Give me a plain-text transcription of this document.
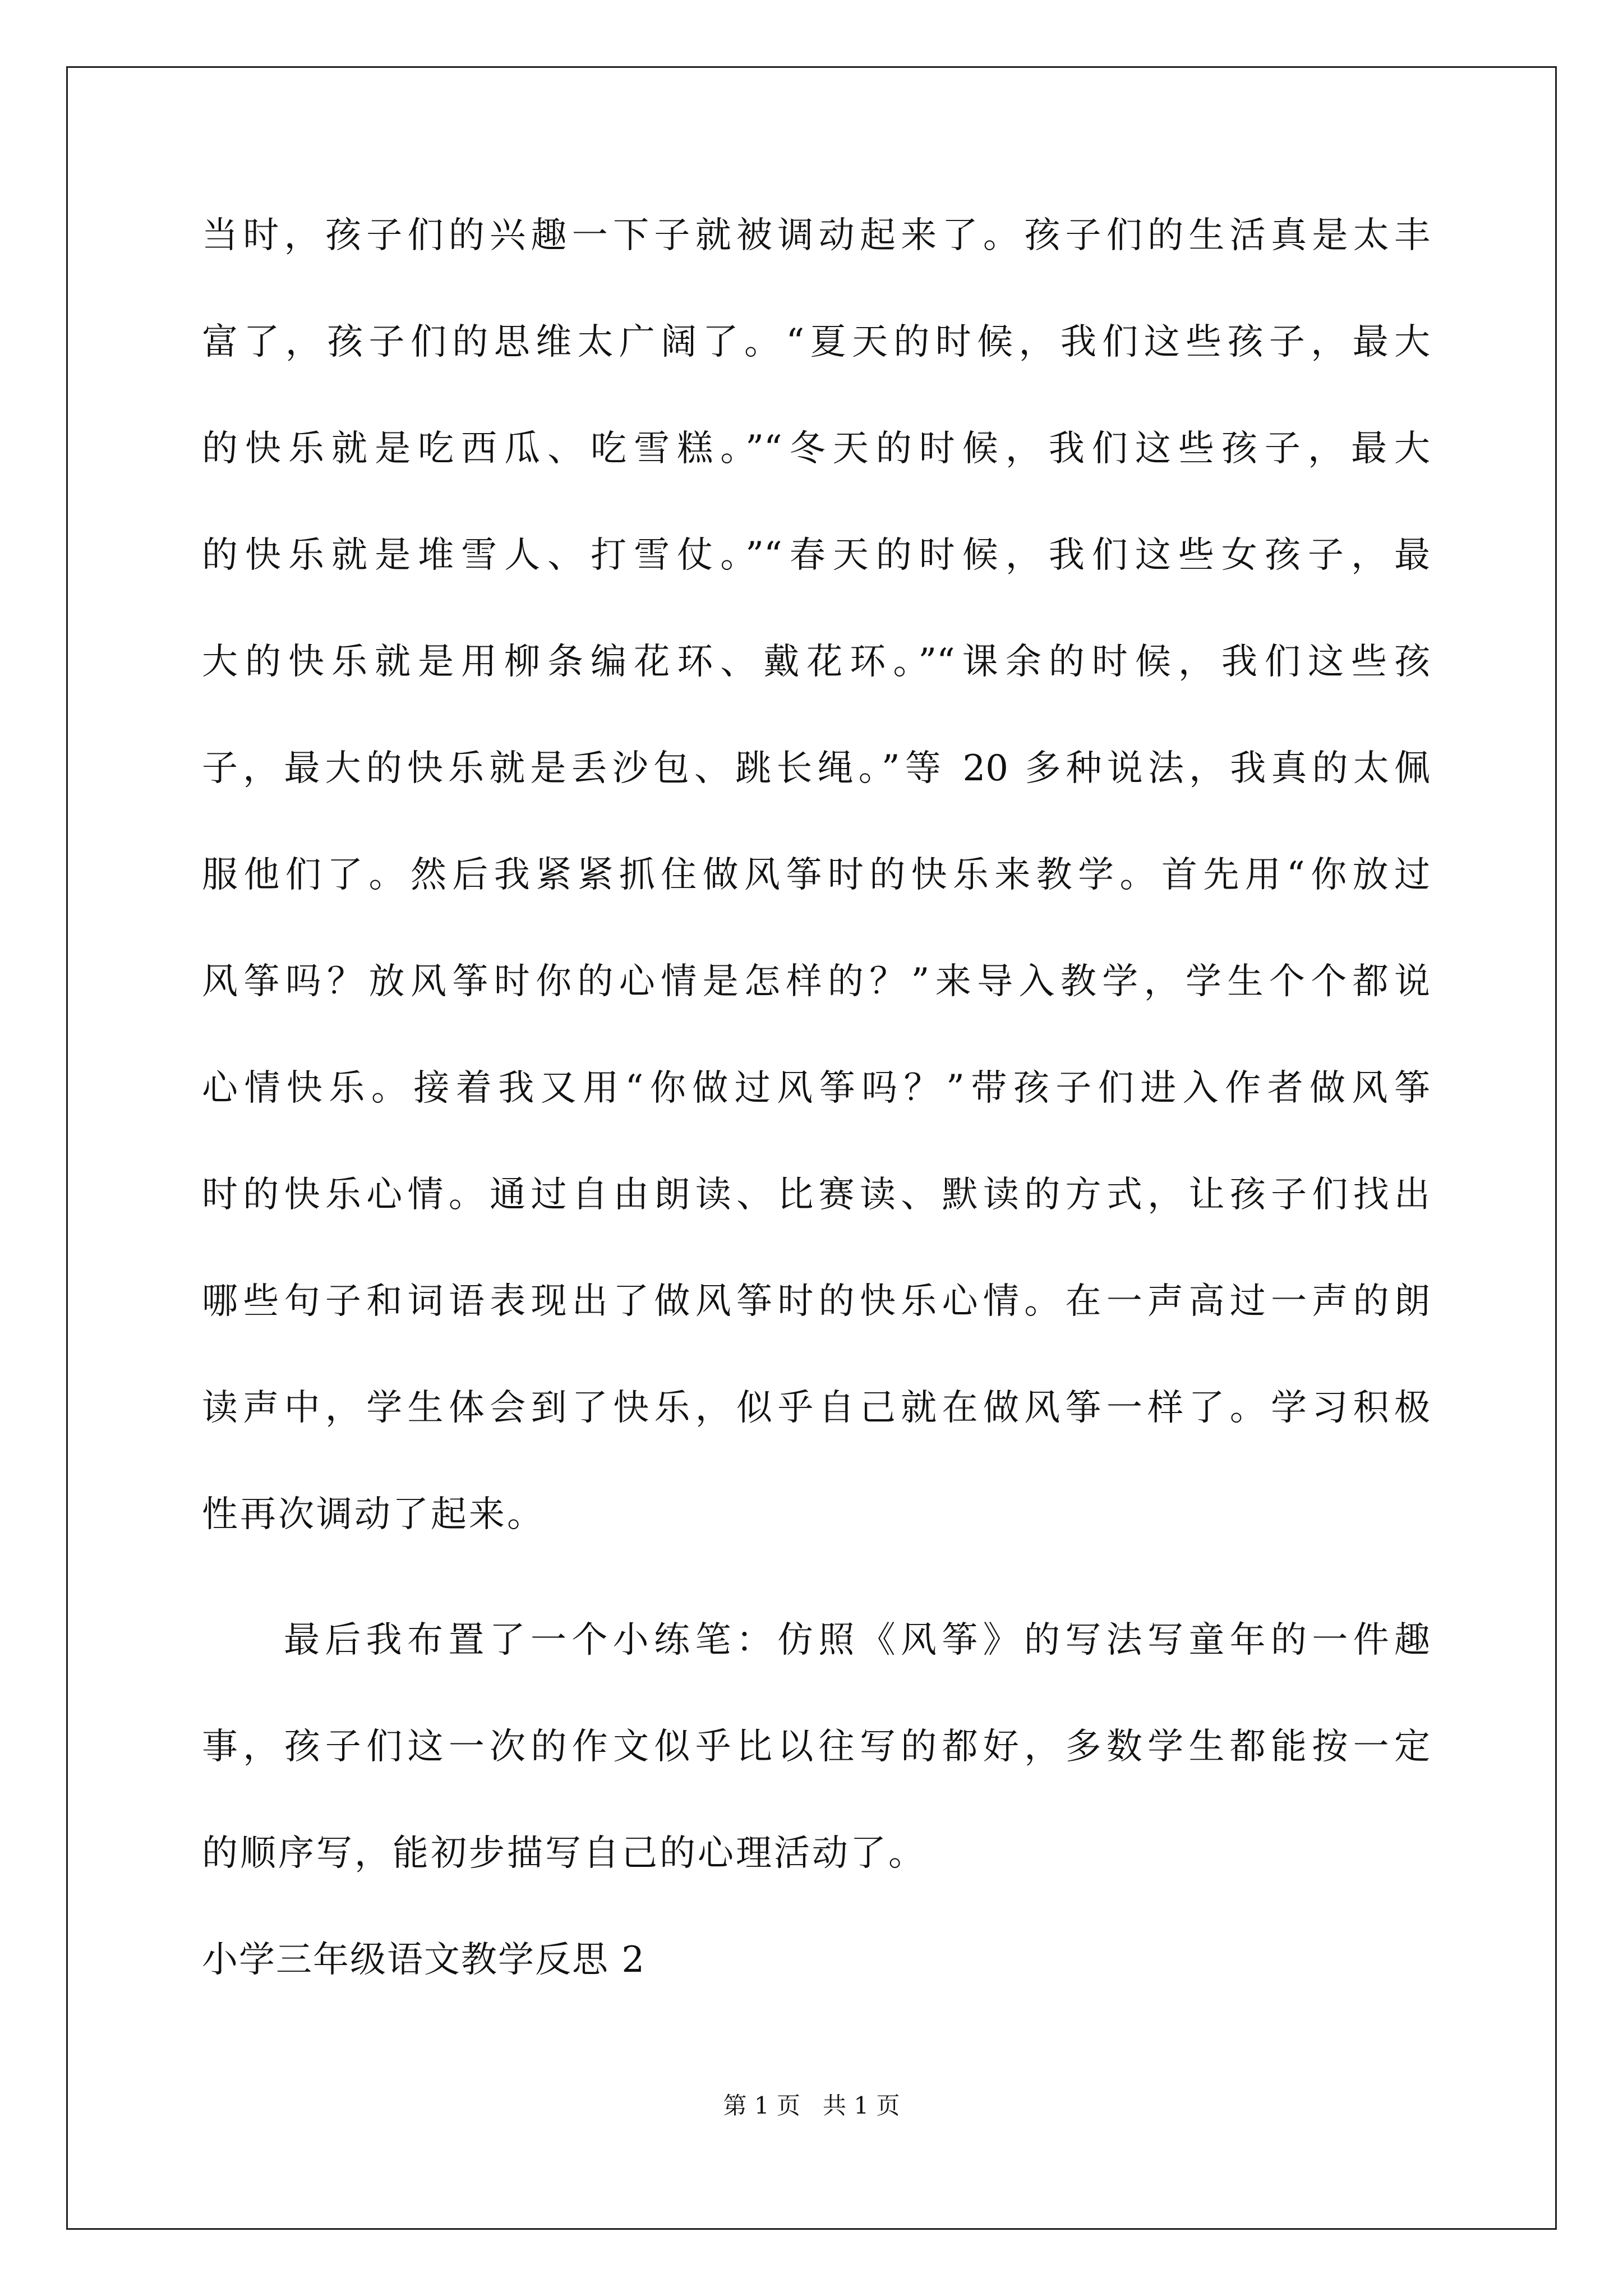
当时，孩子们的兴趣一下子就被调动起来了。孩子们的生活真是太丰
富了，孩子们的思维太广阔了。“夏天的时候，我们这些孩子，最大
的快乐就是吃西瓜、吃雪糕。”“冬天的时候，我们这些孩子，最大
的快乐就是堆雪人、打雪仗。”“春天的时候，我们这些女孩子，最
大的快乐就是用柳条编花环、戴花环。”“课余的时候，我们这些孩
子，最大的快乐就是丢沙包、跳长绳。”等 20 多种说法，我真的太佩
服他们了。然后我紧紧抓住做风筝时的快乐来教学。首先用“你放过
风筝吗？放风筝时你的心情是怎样的？”来导入教学，学生个个都说
心情快乐。接着我又用“你做过风筝吗？”带孩子们进入作者做风筝
时的快乐心情。通过自由朗读、比赛读、默读的方式，让孩子们找出
哪些句子和词语表现出了做风筝时的快乐心情。在一声高过一声的朗
读声中，学生体会到了快乐，似乎自己就在做风筝一样了。学习积极
性再次调动了起来。
最后我布置了一个小练笔：仿照《风筝》的写法写童年的一件趣
事，孩子们这一次的作文似乎比以往写的都好，多数学生都能按一定
的顺序写，能初步描写自己的心理活动了。
小学三年级语文教学反思 2
第 1 页   共 1 页
